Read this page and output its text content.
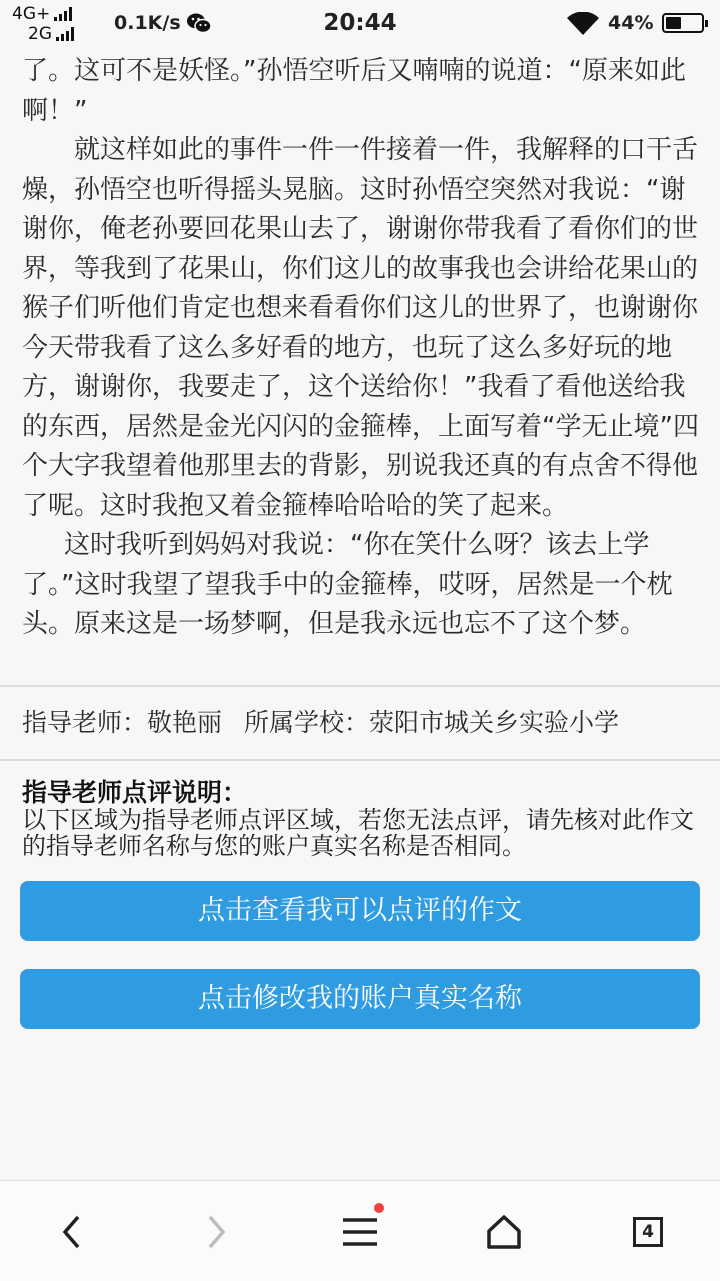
4G+
2G	0.1K/s	20:44	44%

了。这可不是妖怪。”孙悟空听后又喃喃的说道：“原来如此啊！”

就这样如此的事件一件一件接着一件，我解释的口干舌燥，孙悟空也听得摇头晃脑。这时孙悟空突然对我说：“谢谢你，俺老孙要回花果山去了，谢谢你带我看了看你们的世界，等我到了花果山，你们这儿的故事我也会讲给花果山的猴子们听他们肯定也想来看看你们这儿的世界了，也谢谢你今天带我看了这么多好看的地方，也玩了这么多好玩的地方，谢谢你，我要走了，这个送给你！”我看了看他送给我的东西，居然是金光闪闪的金箍棒，上面写着“学无止境”四个大字我望着他那里去的背影，别说我还真的有点舍不得他了呢。这时我抱又着金箍棒哈哈哈的笑了起来。

这时我听到妈妈对我说：“你在笑什么呀？该去上学了。”这时我望了望我手中的金箍棒，哎呀，居然是一个枕头。原来这是一场梦啊，但是我永远也忘不了这个梦。

指导老师：敬艳丽 所属学校：荥阳市城关乡实验小学
指导老师点评说明：
以下区域为指导老师点评区域，若您无法点评，请先核对此作文的指导老师名称与您的账户真实名称是否相同。
点击查看我可以点评的作文
点击修改我的账户真实名称
4
